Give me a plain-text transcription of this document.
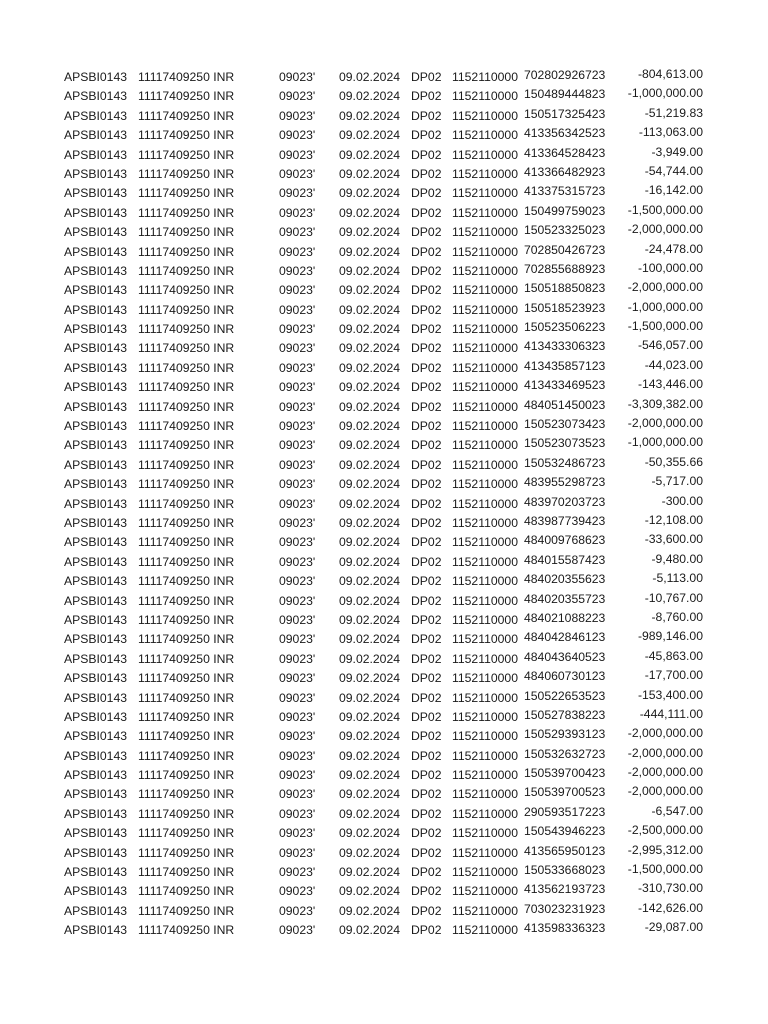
APSBI0143 11117409250 INR	09023' 09.02.2024 DP02 1152110000 702802926723	-804,613.00
APSBI0143 11117409250 INR	09023' 09.02.2024 DP02 1152110000 150489444823 -1,000,000.00
APSBI0143 11117409250 INR	09023' 09.02.2024 DP02 1152110000 150517325423	-51,219.83
APSBI0143 11117409250 INR	09023' 09.02.2024 DP02 1152110000 413356342523	-113,063.00
APSBI0143 11117409250 INR	09023' 09.02.2024 DP02 1152110000 413364528423	-3,949.00
APSBI0143 11117409250 INR	09023' 09.02.2024 DP02 1152110000 413366482923	-54,744.00
APSBI0143 11117409250 INR	09023' 09.02.2024 DP02 1152110000 413375315723	-16,142.00
APSBI0143 11117409250 INR	09023' 09.02.2024 DP02 1152110000 150499759023 -1,500,000.00
APSBI0143 11117409250 INR	09023' 09.02.2024 DP02 1152110000 150523325023 -2,000,000.00
APSBI0143 11117409250 INR	09023' 09.02.2024 DP02 1152110000 702850426723	-24,478.00
APSBI0143 11117409250 INR	09023' 09.02.2024 DP02 1152110000 702855688923	-100,000.00
APSBI0143 11117409250 INR	09023' 09.02.2024 DP02 1152110000 150518850823 -2,000,000.00
APSBI0143 11117409250 INR	09023' 09.02.2024 DP02 1152110000 150518523923 -1,000,000.00
APSBI0143 11117409250 INR	09023' 09.02.2024 DP02 1152110000 150523506223 -1,500,000.00
APSBI0143 11117409250 INR	09023' 09.02.2024 DP02 1152110000 413433306323	-546,057.00
APSBI0143 11117409250 INR	09023' 09.02.2024 DP02 1152110000 413435857123	-44,023.00
APSBI0143 11117409250 INR	09023' 09.02.2024 DP02 1152110000 413433469523	-143,446.00
APSBI0143 11117409250 INR	09023' 09.02.2024 DP02 1152110000 484051450023 -3,309,382.00
APSBI0143 11117409250 INR	09023' 09.02.2024 DP02 1152110000 150523073423 -2,000,000.00
APSBI0143 11117409250 INR	09023' 09.02.2024 DP02 1152110000 150523073523 -1,000,000.00
APSBI0143 11117409250 INR	09023' 09.02.2024 DP02 1152110000 150532486723	-50,355.66
APSBI0143 11117409250 INR	09023' 09.02.2024 DP02 1152110000 483955298723	-5,717.00
APSBI0143 11117409250 INR	09023' 09.02.2024 DP02 1152110000 483970203723	-300.00
APSBI0143 11117409250 INR	09023' 09.02.2024 DP02 1152110000 483987739423	-12,108.00
APSBI0143 11117409250 INR	09023' 09.02.2024 DP02 1152110000 484009768623	-33,600.00
APSBI0143 11117409250 INR	09023' 09.02.2024 DP02 1152110000 484015587423	-9,480.00
APSBI0143 11117409250 INR	09023' 09.02.2024 DP02 1152110000 484020355623	-5,113.00
APSBI0143 11117409250 INR	09023' 09.02.2024 DP02 1152110000 484020355723	-10,767.00
APSBI0143 11117409250 INR	09023' 09.02.2024 DP02 1152110000 484021088223	-8,760.00
APSBI0143 11117409250 INR	09023' 09.02.2024 DP02 1152110000 484042846123	-989,146.00
APSBI0143 11117409250 INR	09023' 09.02.2024 DP02 1152110000 484043640523	-45,863.00
APSBI0143 11117409250 INR	09023' 09.02.2024 DP02 1152110000 484060730123	-17,700.00
APSBI0143 11117409250 INR	09023' 09.02.2024 DP02 1152110000 150522653523	-153,400.00
APSBI0143 11117409250 INR	09023' 09.02.2024 DP02 1152110000 150527838223	-444,111.00
APSBI0143 11117409250 INR	09023' 09.02.2024 DP02 1152110000 150529393123 -2,000,000.00
APSBI0143 11117409250 INR	09023' 09.02.2024 DP02 1152110000 150532632723 -2,000,000.00
APSBI0143 11117409250 INR	09023' 09.02.2024 DP02 1152110000 150539700423 -2,000,000.00
APSBI0143 11117409250 INR	09023' 09.02.2024 DP02 1152110000 150539700523 -2,000,000.00
APSBI0143 11117409250 INR	09023' 09.02.2024 DP02 1152110000 290593517223	-6,547.00
APSBI0143 11117409250 INR	09023' 09.02.2024 DP02 1152110000 150543946223 -2,500,000.00
APSBI0143 11117409250 INR	09023' 09.02.2024 DP02 1152110000 413565950123 -2,995,312.00
APSBI0143 11117409250 INR	09023' 09.02.2024 DP02 1152110000 150533668023 -1,500,000.00
APSBI0143 11117409250 INR	09023' 09.02.2024 DP02 1152110000 413562193723	-310,730.00
APSBI0143 11117409250 INR	09023' 09.02.2024 DP02 1152110000 703023231923	-142,626.00
APSBI0143 11117409250 INR	09023' 09.02.2024 DP02 1152110000 413598336323	-29,087.00
